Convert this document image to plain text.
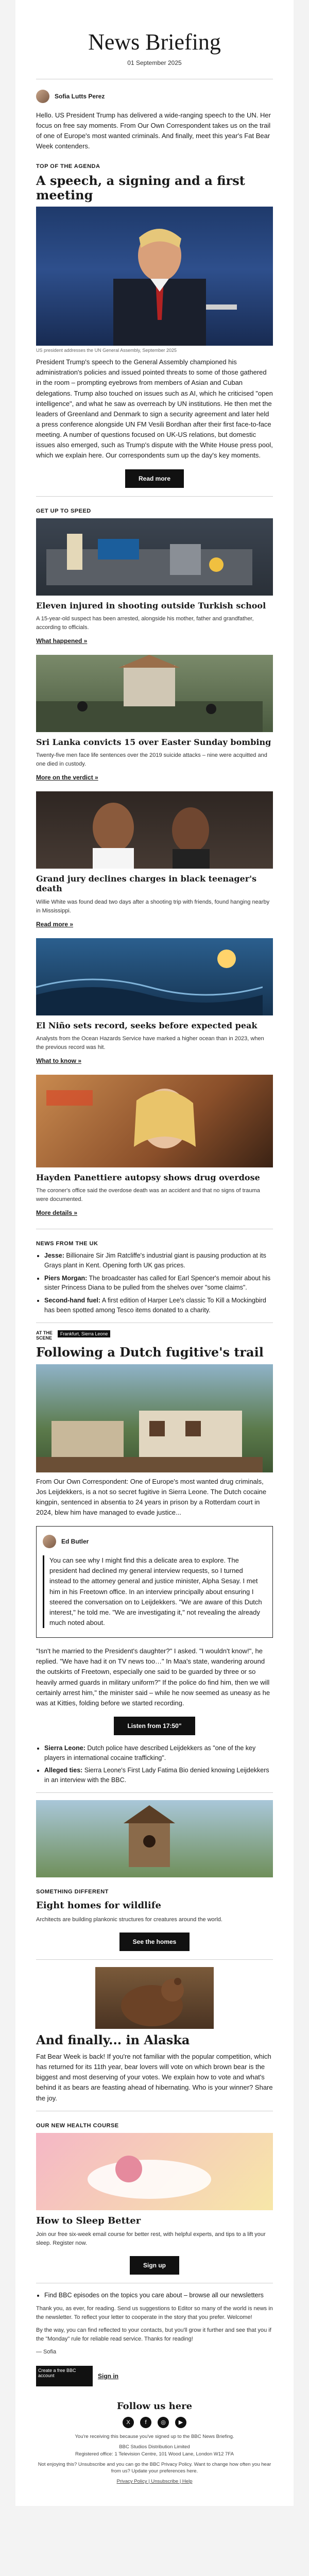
News Briefing
01 September 2025
Sofia Lutts Perez

Hello. US President Trump has delivered a wide-ranging speech to the UN. Her focus on free say moments. From Our Own Correspondent takes us on the trail of one of Europe's most wanted criminals. And finally, meet this year's Fat Bear Week contenders.

TOP OF THE AGENDA
A speech, a signing and a first meeting
US president addresses the UN General Assembly, September 2025

President Trump's speech to the General Assembly championed his administration's policies and issued pointed threats to some of those gathered in the room – prompting eyebrows from members of Asian and Cuban delegations. Trump also touched on issues such as AI, which he criticised "open intelligence", and what he saw as overreach by UN institutions. He then met the leaders of Greenland and Denmark to sign a security agreement and later held a press conference alongside UN FM Vesili Bordhan after their first face-to-face meeting. A number of questions focused on UK-US relations, but domestic issues also emerged, such as Trump's dispute with the White House press pool, which we explain here. Our correspondents sum up the day's key moments.

Read more
GET UP TO SPEED
Eleven injured in shooting outside Turkish school

A 15-year-old suspect has been arrested, alongside his mother, father and grandfather, according to officials.

What happened »
Sri Lanka convicts 15 over Easter Sunday bombing

Twenty-five men face life sentences over the 2019 suicide attacks – nine were acquitted and one died in custody.

More on the verdict »
Grand jury declines charges in black teenager's death

Willie White was found dead two days after a shooting trip with friends, found hanging nearby in Mississippi.

Read more »
El Niño sets record, seeks before expected peak

Analysts from the Ocean Hazards Service have marked a higher ocean than in 2023, when the previous record was hit.

What to know »
Hayden Panettiere autopsy shows drug overdose

The coroner's office said the overdose death was an accident and that no signs of trauma were documented.

More details »
NEWS FROM THE UK
• Jesse: Billionaire Sir Jim Ratcliffe's industrial giant is pausing production at its Grays plant in Kent. Opening forth UK gas prices.
• Piers Morgan: The broadcaster has called for Earl Spencer's memoir about his sister Princess Diana to be pulled from the shelves over "some claims".
• Second-hand fuel: A first edition of Harper Lee's classic To Kill a Mockingbird has been spotted among Tesco items donated to a charity.
AT THE
SCENE
Frankfurt, Sierra Leone
Following a Dutch fugitive's trail

From Our Own Correspondent: One of Europe's most wanted drug criminals, Jos Leijdekkers, is a not so secret fugitive in Sierra Leone. The Dutch cocaine kingpin, sentenced in absentia to 24 years in prison by a Rotterdam court in 2024, blew him have managed to evade justice...

Ed Butler

You can see why I might find this a delicate area to explore. The president had declined my general interview requests, so I turned instead to the attorney general and justice minister, Alpha Sesay. I met him in his Freetown office. In an interview principally about ensuring I steered the conversation on to Leijdekkers. "We are aware of this Dutch interest," he told me. "We are investigating it," not revealing the already much noted about.

"Isn't he married to the President's daughter?" I asked. "I wouldn't know!", he replied. "We have had it on TV news too…" In Maa's state, wandering around the outskirts of Freetown, especially one said to be guarded by three or so heavily armed guards in military uniform?" If the police do find him, then we will certainly arrest him," the minister said – while he now seemed as uneasy as he was at Kitties, folding before we started recording.

Listen from 17:50"
• Sierra Leone: Dutch police have described Leijdekkers as "one of the key players in international cocaine trafficking".
• Alleged ties: Sierra Leone's First Lady Fatima Bio denied knowing Leijdekkers in an interview with the BBC.
SOMETHING DIFFERENT
Eight homes for wildlife

Architects are building plankonic structures for creatures around the world.

See the homes
And finally... in Alaska

Fat Bear Week is back! If you're not familiar with the popular competition, which has returned for its 11th year, bear lovers will vote on which brown bear is the biggest and most deserving of your votes. We explain how to vote and what's behind it as bears are feasting ahead of hibernating. Who is your winner? Share the joy.

OUR NEW HEALTH COURSE
How to Sleep Better

Join our free six-week email course for better rest, with helpful experts, and tips to a lift your sleep. Register now.

Sign up
• Find BBC episodes on the topics you care about – browse all our newsletters

Thank you, as ever, for reading. Send us suggestions to Editor so many of the world is news in the newsletter. To reflect your letter to cooperate in the story that you prefer. Welcome!

By the way, you can find reflected to your contacts, but you'll grow it further and see that you if the "Monday" rule for reliable read service. Thanks for reading!

— Sofia

Create a free BBC account	Sign in
Follow us here
X	f	◎	▶
You're receiving this because you've signed up to the BBC News Briefing.
BBC Studios Distribution Limited
Registered office: 1 Television Centre, 101 Wood Lane, London W12 7FA
Not enjoying this? Unsubscribe and you can go the BBC Privacy Policy. Want to change how often you hear from us? Update your preferences here.
Privacy Policy | Unsubscribe | Help
